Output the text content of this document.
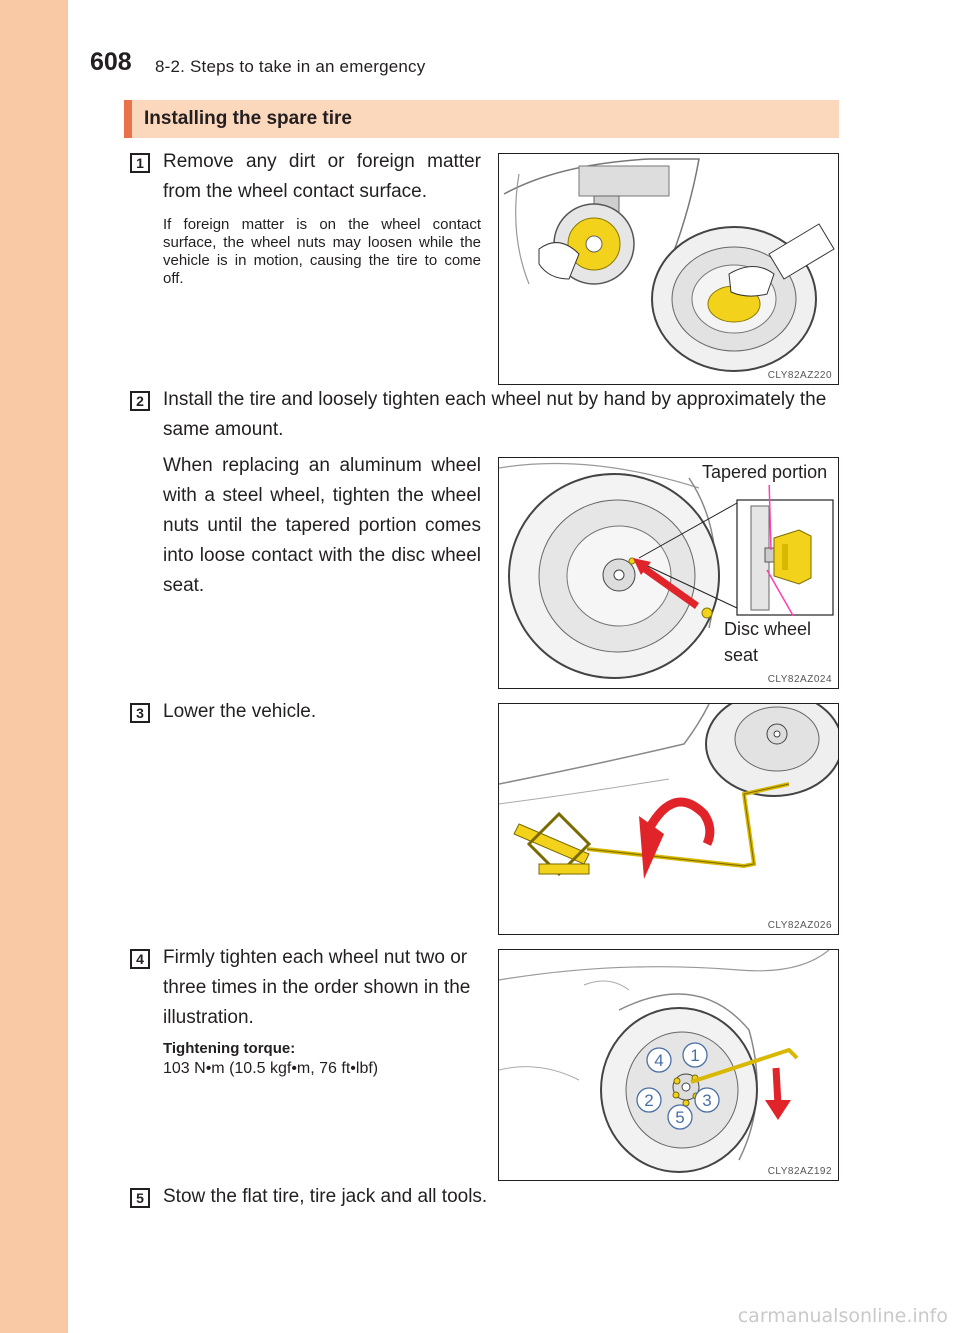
608 8-2. Steps to take in an emergency
Installing the spare tire
1	Remove any dirt or foreign matter from the wheel contact surface.
If foreign matter is on the wheel contact surface, the wheel nuts may loosen while the vehicle is in motion, causing the tire to come off.
CLY82AZ220
2	Install the tire and loosely tighten each wheel nut by hand by approximately the same amount.
When replacing an aluminum wheel with a steel wheel, tighten the wheel nuts until the tapered portion comes into loose contact with the disc wheel seat.
Tapered portion
Disc wheel
seat
CLY82AZ024
3	Lower the vehicle.
CLY82AZ026
4	Firmly tighten each wheel nut two or three times in the order shown in the illustration.
Tightening torque:
103 N•m (10.5 kgf•m, 76 ft•lbf)
1
4
2	3
5
CLY82AZ192
5	Stow the flat tire, tire jack and all tools.
carmanualsonline.info
